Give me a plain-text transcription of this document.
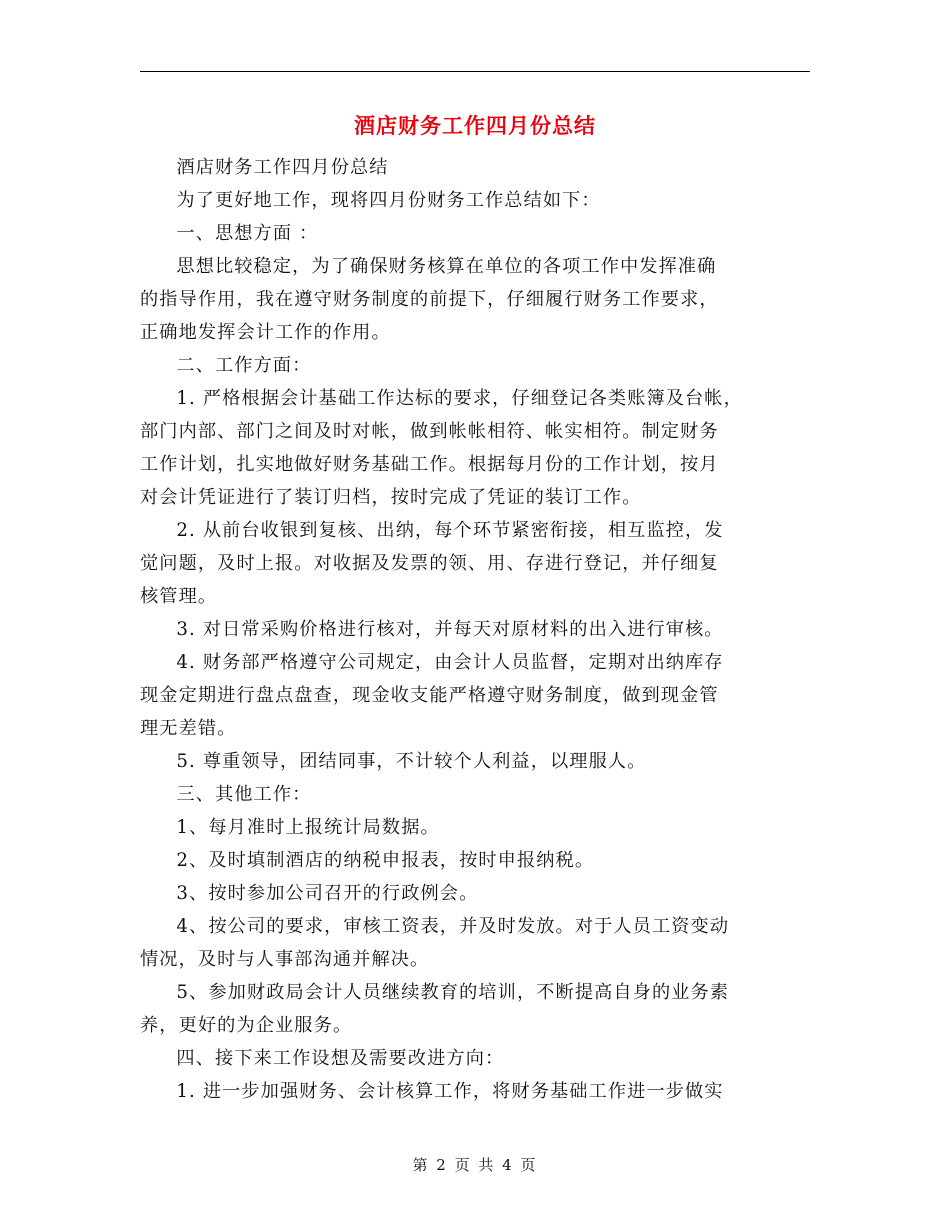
酒店财务工作四月份总结
酒店财务工作四月份总结
为了更好地工作，现将四月份财务工作总结如下：
一、思想方面 ：
思想比较稳定，为了确保财务核算在单位的各项工作中发挥准确
的指导作用，我在遵守财务制度的前提下，仔细履行财务工作要求，
正确地发挥会计工作的作用。
二、工作方面：
1. 严格根据会计基础工作达标的要求，仔细登记各类账簿及台帐，
部门内部、部门之间及时对帐，做到帐帐相符、帐实相符。制定财务
工作计划，扎实地做好财务基础工作。根据每月份的工作计划，按月
对会计凭证进行了装订归档，按时完成了凭证的装订工作。
2. 从前台收银到复核、出纳，每个环节紧密衔接，相互监控，发
觉问题，及时上报。对收据及发票的领、用、存进行登记，并仔细复
核管理。
3. 对日常采购价格进行核对，并每天对原材料的出入进行审核。
4. 财务部严格遵守公司规定，由会计人员监督，定期对出纳库存
现金定期进行盘点盘查，现金收支能严格遵守财务制度，做到现金管
理无差错。
5. 尊重领导，团结同事，不计较个人利益，以理服人。
三、其他工作：
1、每月准时上报统计局数据。
2、及时填制酒店的纳税申报表，按时申报纳税。
3、按时参加公司召开的行政例会。
4、按公司的要求，审核工资表，并及时发放。对于人员工资变动
情况，及时与人事部沟通并解决。
5、参加财政局会计人员继续教育的培训，不断提高自身的业务素
养，更好的为企业服务。
四、接下来工作设想及需要改进方向：
1. 进一步加强财务、会计核算工作，将财务基础工作进一步做实
第 2 页 共 4 页
